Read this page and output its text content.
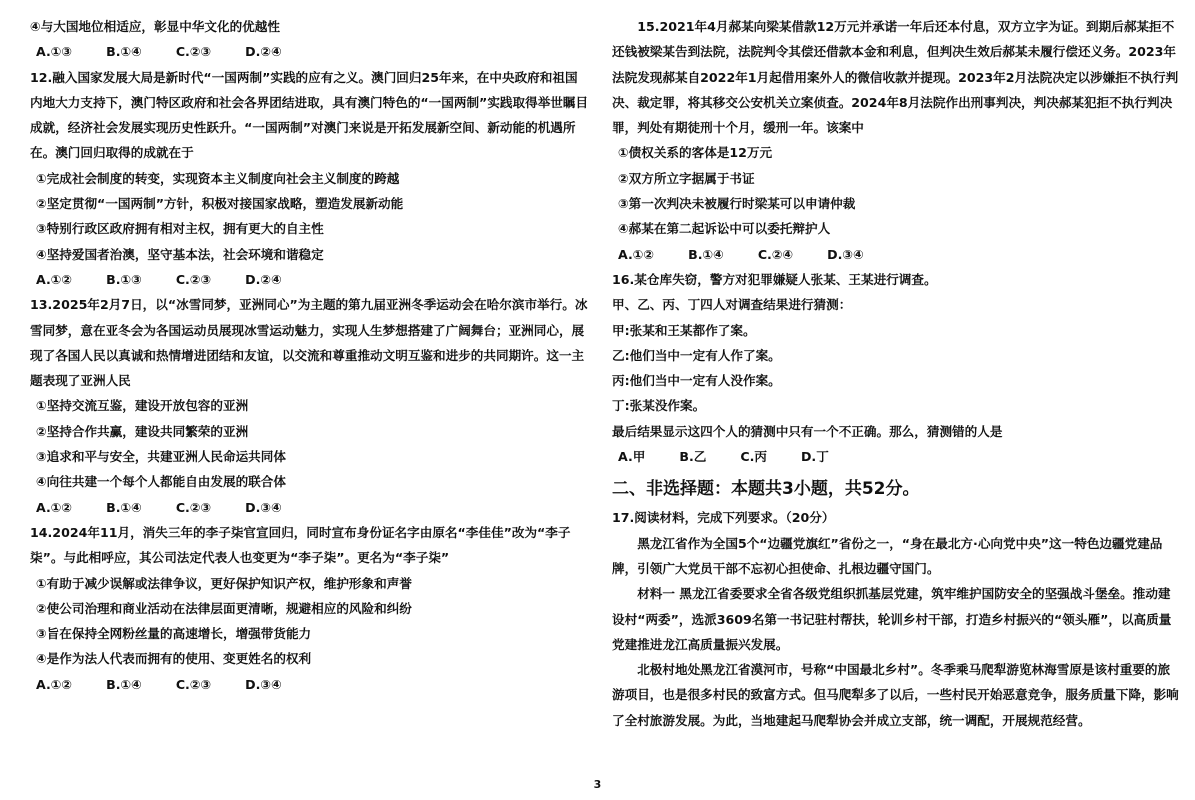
④与大国地位相适应，彰显中华文化的优越性

A.①③	B.①④	C.②③	D.②④

12.融入国家发展大局是新时代“一国两制”实践的应有之义。澳门回归25年来，在中央政府和祖国内地大力支持下，澳门特区政府和社会各界团结进取，具有澳门特色的“一国两制”实践取得举世瞩目成就，经济社会发展实现历史性跃升。“一国两制”对澳门来说是开拓发展新空间、新动能的机遇所在。澳门回归取得的成就在于

①完成社会制度的转变，实现资本主义制度向社会主义制度的跨越

②坚定贯彻“一国两制”方针，积极对接国家战略，塑造发展新动能

③特别行政区政府拥有相对主权，拥有更大的自主性

④坚持爱国者治澳，坚守基本法，社会环境和谐稳定

A.①②	B.①③	C.②③	D.②④

13.2025年2月7日，以“冰雪同梦，亚洲同心”为主题的第九届亚洲冬季运动会在哈尔滨市举行。冰雪同梦，意在亚冬会为各国运动员展现冰雪运动魅力，实现人生梦想搭建了广阔舞台；亚洲同心，展现了各国人民以真诚和热情增进团结和友谊，以交流和尊重推动文明互鉴和进步的共同期许。这一主题表现了亚洲人民

①坚持交流互鉴，建设开放包容的亚洲

②坚持合作共赢，建设共同繁荣的亚洲

③追求和平与安全，共建亚洲人民命运共同体

④向往共建一个每个人都能自由发展的联合体

A.①②	B.①④	C.②③	D.③④

14.2024年11月，消失三年的李子柒官宣回归，同时宣布身份证名字由原名“李佳佳”改为“李子柒”。与此相呼应，其公司法定代表人也变更为“李子柒”。更名为“李子柒”

①有助于减少误解或法律争议，更好保护知识产权，维护形象和声誉

②使公司治理和商业活动在法律层面更清晰，规避相应的风险和纠纷

③旨在保持全网粉丝量的高速增长，增强带货能力

④是作为法人代表而拥有的使用、变更姓名的权利

A.①②	B.①④	C.②③	D.③④

15.2021年4月郝某向梁某借款12万元并承诺一年后还本付息，双方立字为证。到期后郝某拒不还钱被梁某告到法院，法院判令其偿还借款本金和利息，但判决生效后郝某未履行偿还义务。2023年法院发现郝某自2022年1月起借用案外人的微信收款并提现。2023年2月法院决定以涉嫌拒不执行判决、裁定罪，将其移交公安机关立案侦查。2024年8月法院作出刑事判决，判决郝某犯拒不执行判决罪，判处有期徒刑十个月，缓刑一年。该案中

①债权关系的客体是12万元

②双方所立字据属于书证

③第一次判决未被履行时梁某可以申请仲裁

④郝某在第二起诉讼中可以委托辩护人

A.①②	B.①④	C.②④	D.③④

16.某仓库失窃，警方对犯罪嫌疑人张某、王某进行调查。

甲、乙、丙、丁四人对调查结果进行猜测：

甲:张某和王某都作了案。

乙:他们当中一定有人作了案。

丙:他们当中一定有人没作案。

丁:张某没作案。

最后结果显示这四个人的猜测中只有一个不正确。那么，猜测错的人是

A.甲	B.乙	C.丙	D.丁

二、非选择题：本题共3小题，共52分。

17.阅读材料，完成下列要求。（20分）

黑龙江省作为全国5个“边疆党旗红”省份之一，“身在最北方·心向党中央”这一特色边疆党建品牌，引领广大党员干部不忘初心担使命、扎根边疆守国门。

材料一 黑龙江省委要求全省各级党组织抓基层党建，筑牢维护国防安全的坚强战斗堡垒。推动建设村“两委”，选派3609名第一书记驻村帮扶，轮训乡村干部，打造乡村振兴的“领头雁”，以高质量党建推进龙江高质量振兴发展。

北极村地处黑龙江省漠河市，号称“中国最北乡村”。冬季乘马爬犁游览林海雪原是该村重要的旅游项目，也是很多村民的致富方式。但马爬犁多了以后，一些村民开始恶意竞争，服务质量下降，影响了全村旅游发展。为此，当地建起马爬犁协会并成立支部，统一调配，开展规范经营。

3
